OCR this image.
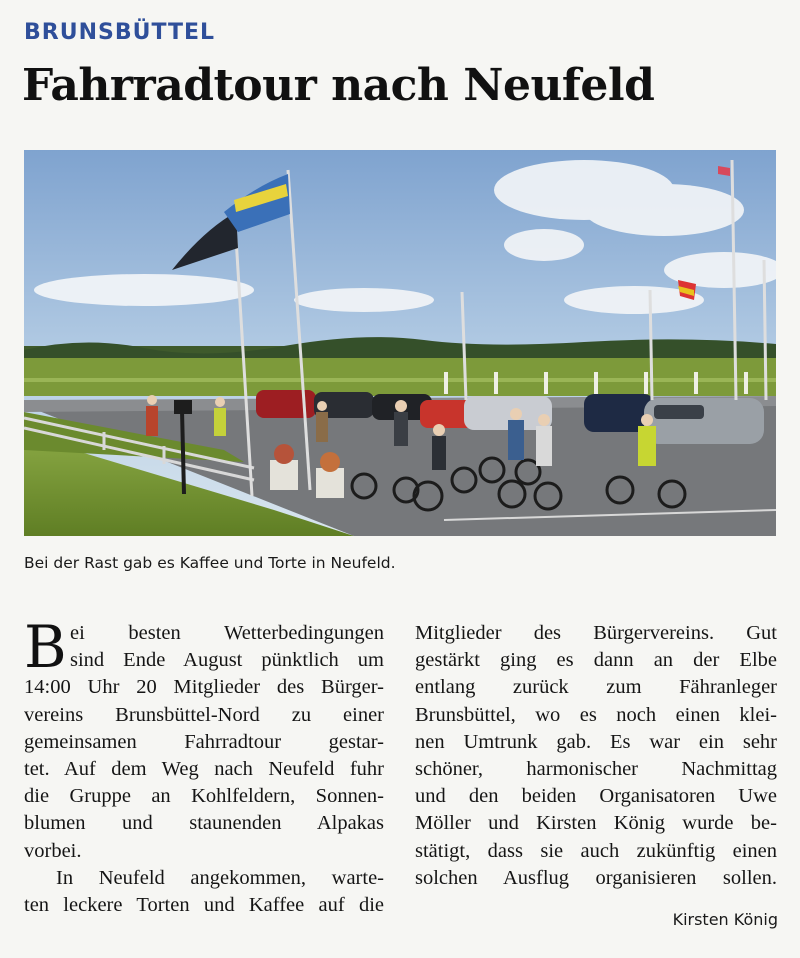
BRUNSBÜTTEL
Fahrradtour nach Neufeld
Bei der Rast gab es Kaffee und Torte in Neufeld.
B ei besten Wetterbedingungen
sind Ende August pünktlich um
14:00 Uhr 20 Mitglieder des Bürger-
vereins Brunsbüttel-Nord zu einer
gemeinsamen Fahrradtour gestar-
tet. Auf dem Weg nach Neufeld fuhr
die Gruppe an Kohlfeldern, Sonnen-
blumen und staunenden Alpakas
vorbei.
In Neufeld angekommen, warte-
ten leckere Torten und Kaffee auf die
Mitglieder des Bürgervereins. Gut
gestärkt ging es dann an der Elbe
entlang zurück zum Fähranleger
Brunsbüttel, wo es noch einen klei-
nen Umtrunk gab. Es war ein sehr
schöner, harmonischer Nachmittag
und den beiden Organisatoren Uwe
Möller und Kirsten König wurde be-
stätigt, dass sie auch zukünftig einen
solchen Ausflug organisieren sollen.
Kirsten König
